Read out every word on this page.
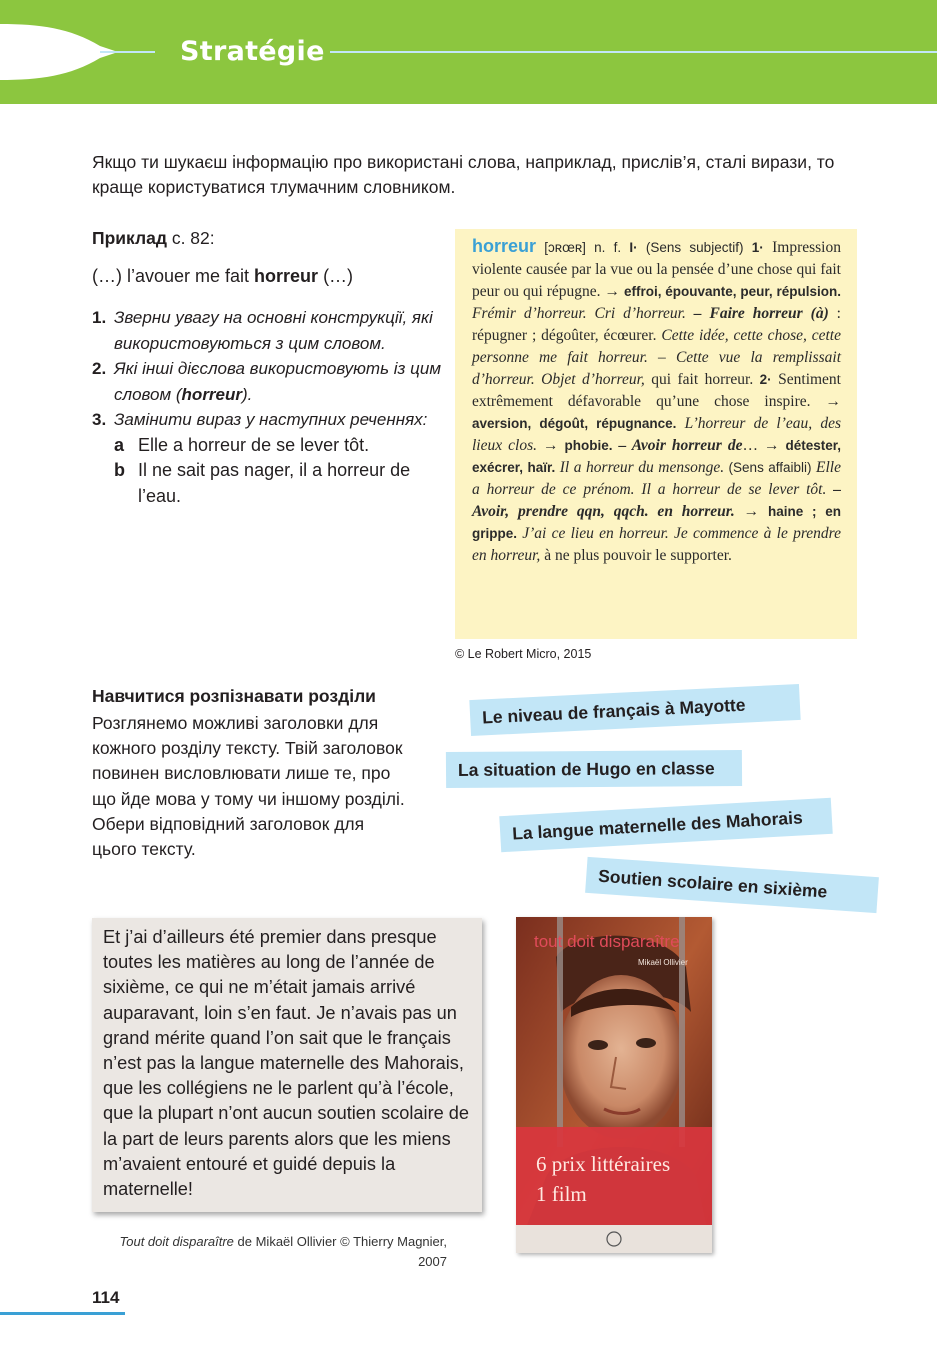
Stratégie
Якщо ти шукаєш інформацію про використані слова, наприклад, прислів’я, сталі вирази, то краще користуватися тлумачним словником.
Приклад с. 82:
(…) l’avouer me fait horreur (…)
1. Зверни увагу на основні конструкції, які використовуються з цим словом.
2. Які інші дієслова використовують із цим словом (horreur).
3. Замінити вираз у наступних реченнях:
a Elle a horreur de se lever tôt.
b Il ne sait pas nager, il a horreur de l’eau.
horreur [ɔʀœʀ] n. f. I· (Sens subjectif) 1· Impression violente causée par la vue ou la pensée d’une chose qui fait peur ou qui répugne. → effroi, épouvante, peur, répulsion. Frémir d’horreur. Cri d’horreur. – Faire horreur (à) : répugner ; dégoûter, écœurer. Cette idée, cette chose, cette personne me fait horreur. – Cette vue la remplissait d’horreur. Objet d’horreur, qui fait horreur. 2· Sentiment extrêmement défavorable qu’une chose inspire. → aversion, dégoût, répugnance. L’horreur de l’eau, des lieux clos. → phobie. – Avoir horreur de… → détester, exécrer, haïr. Il a horreur du mensonge. (Sens affaibli) Elle a horreur de ce prénom. Il a horreur de se lever tôt. – Avoir, prendre qqn, qqch. en horreur. → haine ; en grippe. J’ai ce lieu en horreur. Je commence à le prendre en horreur, à ne plus pouvoir le supporter.
© Le Robert Micro, 2015
Навчитися розпізнавати розділи
Розглянемо можливі заголовки для кожного розділу тексту. Твій заголовок повинен висловлювати лише те, про що йде мова у тому чи іншому розділі. Обери відповідний заголовок для цього тексту.
Le niveau de français à Mayotte
La situation de Hugo en classe
La langue maternelle des Mahorais
Soutien scolaire en sixième
Et j’ai d’ailleurs été premier dans presque toutes les matières au long de l’année de sixième, ce qui ne m’était jamais arrivé auparavant, loin s’en faut. Je n’avais pas un grand mérite quand l’on sait que le français n’est pas la langue maternelle des Mahorais, que les collégiens ne le parlent qu’à l’école, que la plupart n’ont aucun soutien scolaire de la part de leurs parents alors que les miens m’avaient entouré et guidé depuis la maternelle!
Tout doit disparaître de Mikaël Ollivier © Thierry Magnier, 2007
tout doit disparaître
Mikaël Ollivier
6 prix littéraires
1 film
114
